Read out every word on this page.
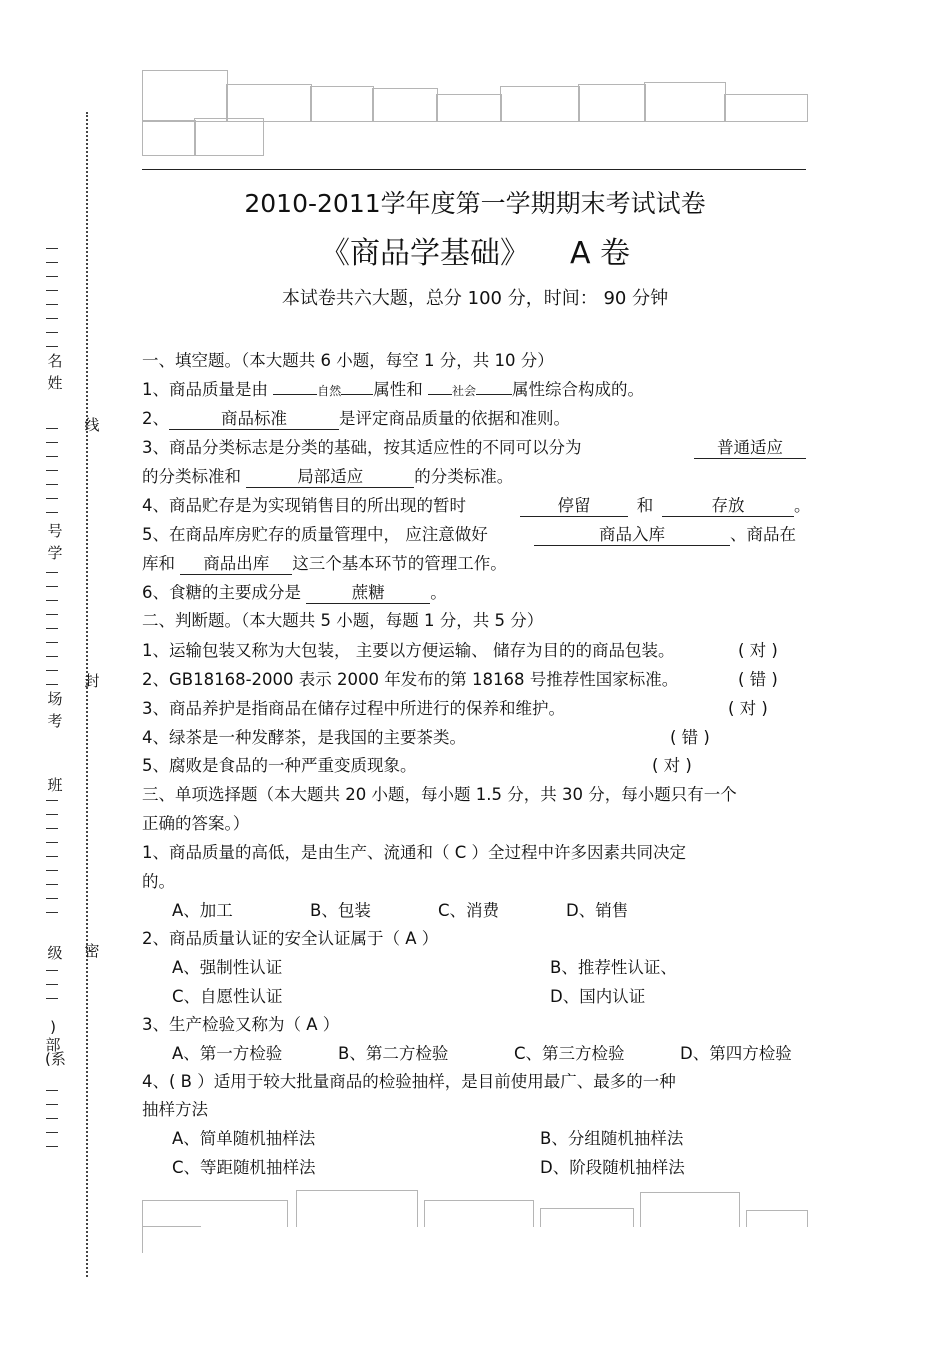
2010-2011学年度第一学期期末考试试卷
《商品学基础》 A 卷
本试卷共六大题，总分 100 分，时间： 90 分钟
线
封
密
名
姓
号
学
场
考
班
级
)部
(系
一、填空题。（本大题共 6 小题，每空 1 分，共 10 分）
1、商品质量是由	自然 属性和 社会 属性综合构成的。
2、	商品标准	是评定商品质量的依据和准则。
3、商品分类标志是分类的基础，按其适应性的不同可以分为	普通适应
的分类标准和	局部适应	的分类标准。
4、商品贮存是为实现销售目的所出现的暂时	停留	和	存放	。
5、在商品库房贮存的质量管理中， 应注意做好	商品入库	、商品在
库和 商品出库 这三个基本环节的管理工作。
6、食糖的主要成分是	蔗糖	。
二、判断题。（本大题共 5 小题，每题 1 分，共 5 分）
1、运输包装又称为大包装， 主要以方便运输、 储存为目的的商品包装。	( 对 )
2、GB18168-2000 表示 2000 年发布的第 18168 号推荐性国家标准。	( 错 )
3、商品养护是指商品在储存过程中所进行的保养和维护。	( 对 )
4、绿茶是一种发酵茶，是我国的主要茶类。	( 错 )
5、腐败是食品的一种严重变质现象。	( 对 )
三、单项选择题（本大题共 20 小题，每小题 1.5 分，共 30 分，每小题只有一个
正确的答案。）
1、商品质量的高低，是由生产、流通和（ C ）全过程中许多因素共同决定
的。
A、加工	B、包装	C、消费	D、销售
2、商品质量认证的安全认证属于（ A ）
A、强制性认证	B、推荐性认证、
C、自愿性认证	D、国内认证
3、生产检验又称为（ A ）
A、第一方检验	B、第二方检验	C、第三方检验	D、第四方检验
4、( B ）适用于较大批量商品的检验抽样，是目前使用最广、最多的一种
抽样方法
A、简单随机抽样法	B、分组随机抽样法
C、等距随机抽样法	D、阶段随机抽样法
